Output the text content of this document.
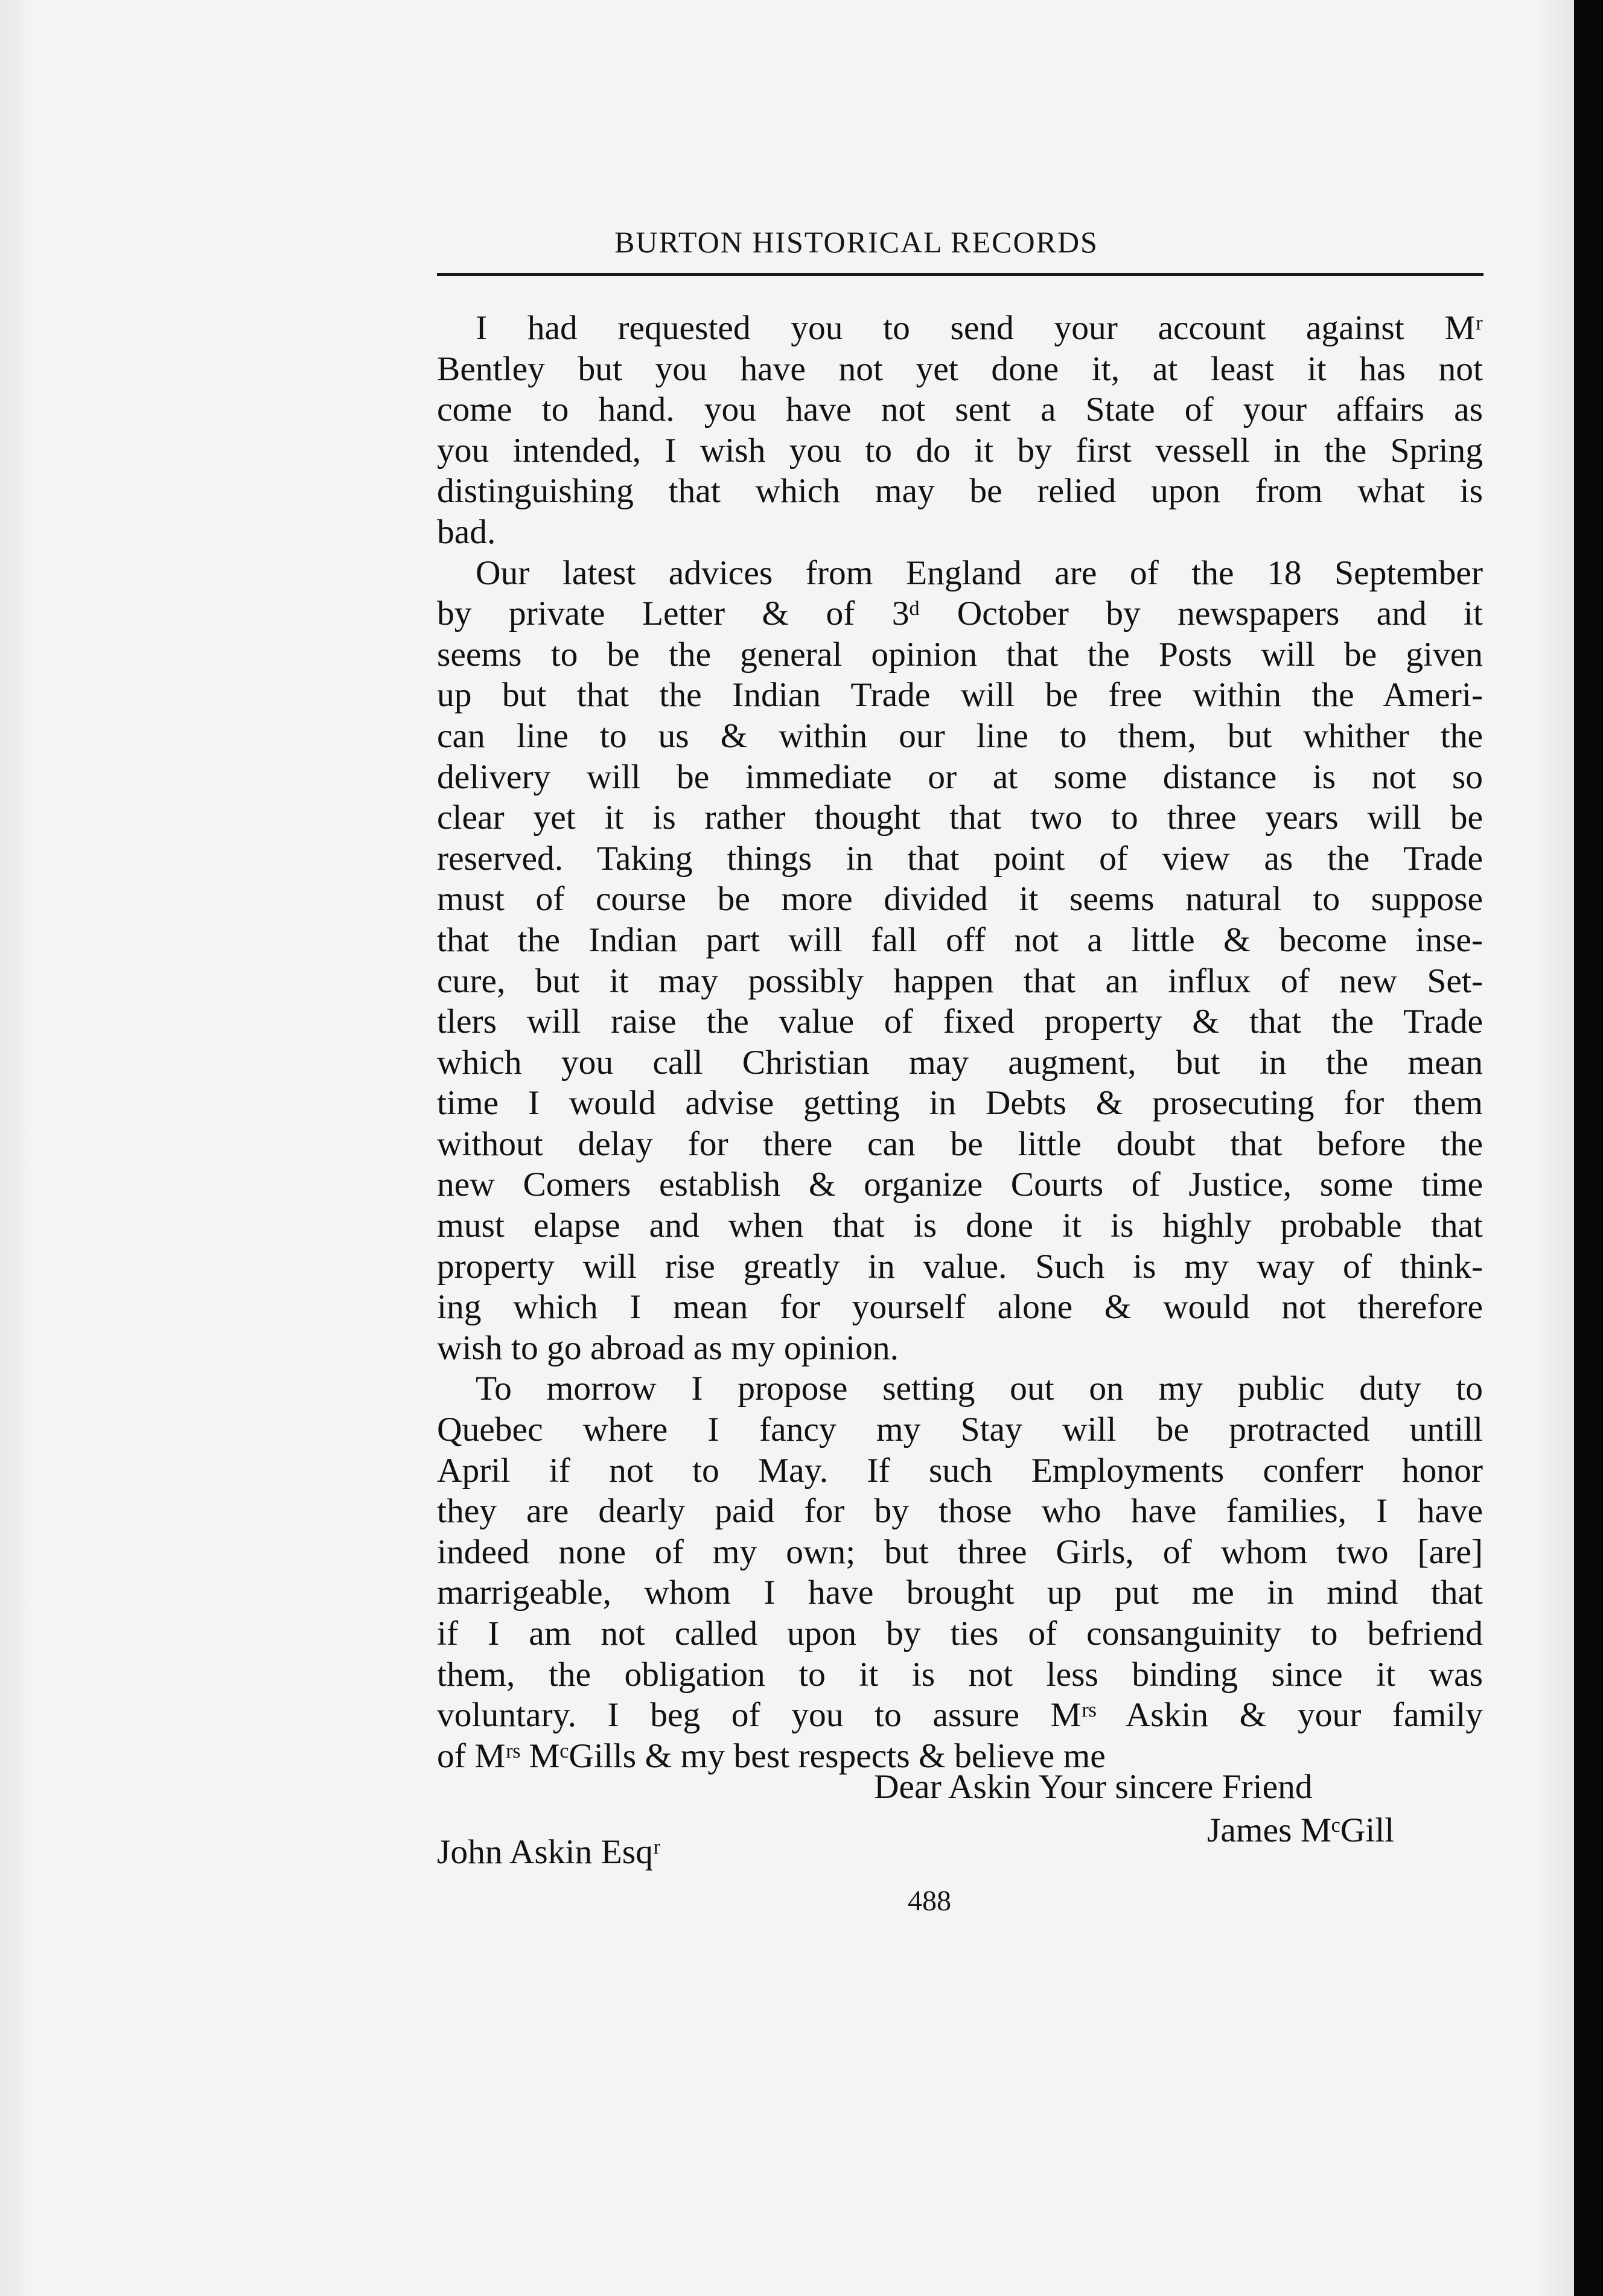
BURTON HISTORICAL RECORDS
I had requested you to send your account against Mʳ
Bentley but you have not yet done it, at least it has not
come to hand. you have not sent a State of your affairs as
you intended, I wish you to do it by first vessell in the Spring
distinguishing that which may be relied upon from what is
bad.
Our latest advices from England are of the 18 September
by private Letter & of 3ᵈ October by newspapers and it
seems to be the general opinion that the Posts will be given
up but that the Indian Trade will be free within the Ameri-
can line to us & within our line to them, but whither the
delivery will be immediate or at some distance is not so
clear yet it is rather thought that two to three years will be
reserved. Taking things in that point of view as the Trade
must of course be more divided it seems natural to suppose
that the Indian part will fall off not a little & become inse-
cure, but it may possibly happen that an influx of new Set-
tlers will raise the value of fixed property & that the Trade
which you call Christian may augment, but in the mean
time I would advise getting in Debts & prosecuting for them
without delay for there can be little doubt that before the
new Comers establish & organize Courts of Justice, some time
must elapse and when that is done it is highly probable that
property will rise greatly in value. Such is my way of think-
ing which I mean for yourself alone & would not therefore
wish to go abroad as my opinion.
To morrow I propose setting out on my public duty to
Quebec where I fancy my Stay will be protracted untill
April if not to May. If such Employments conferr honor
they are dearly paid for by those who have families, I have
indeed none of my own; but three Girls, of whom two [are]
marrigeable, whom I have brought up put me in mind that
if I am not called upon by ties of consanguinity to befriend
them, the obligation to it is not less binding since it was
voluntary. I beg of you to assure Mʳˢ Askin & your family
of Mʳˢ MᶜGills & my best respects & believe me
Dear Askin Your sincere Friend
James MᶜGill
John Askin Esqʳ
488
